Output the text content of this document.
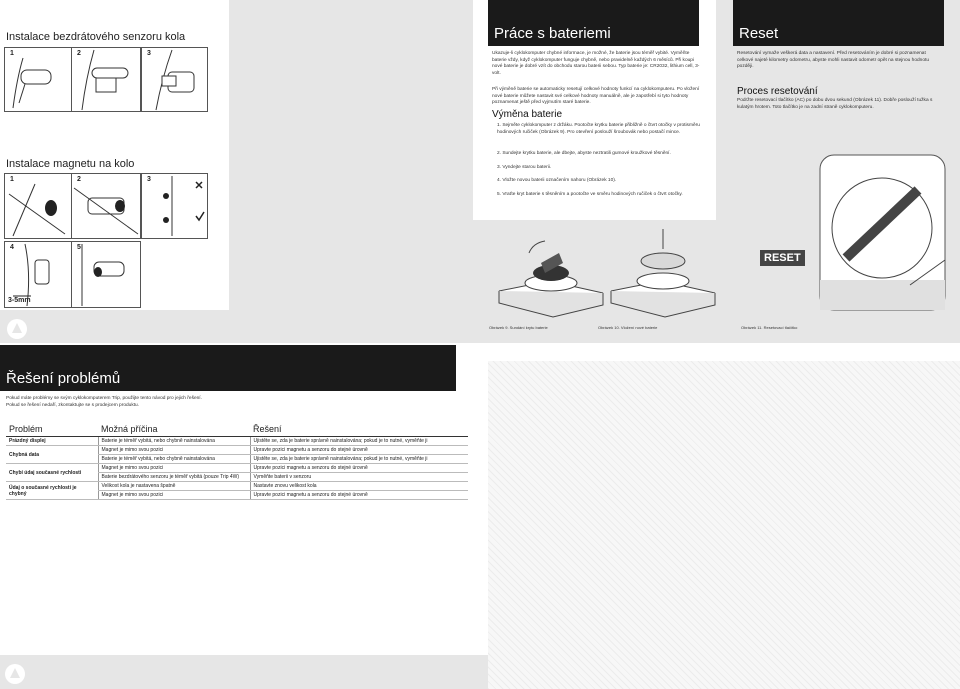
Instalace bezdrátového senzoru kola
1	2	3
Instalace magnetu na kolo
1	2	3
4	5
3-5mm
Práce s bateriemi
Ukazuje-li cyklokomputer chybné informace, je možné, že baterie jsou téměř vybité. Vyměňte baterie vždy, když cyklokomputer funguje chybně, nebo pravidelně každých 6 měsíců. Při koupi nové baterie je dobré vzít do obchodu starou baterii sebou. Typ baterie je: CR2032, lithium cell, 3-volt.
Při výměně baterie se automaticky resetují celkové hodnoty funkcí na cyklokomputeru. Po vložení nové baterie můžete nastavit své celkové hodnoty manuálně, ale je zapotřebí si tyto hodnoty poznamenat ještě před vyjmutím staré baterie.
Výměna baterie
1. Sejměte cyklokomputer z držáku. Pootočte krytku baterie přibližně o čtvrt otočky v protisměru hodinových ručiček (Obrázek 9). Pro otevření poslouží šroubovák nebo postačí mince.
2. Sundejte krytku baterie, ale dbejte, abyste neztratili gumové kroužkové těsnění.
3. Vyndejte starou baterii.
4. Vložte novou baterii označením nahoru (Obrázek 10).
5. Vraťte kryt baterie s těsněním a pootočte ve směru hodinových ručiček o čtvrt otočky.
Reset
Resetování vymaže veškerá data a nastavení. Před resetováním je dobré si poznamenat celkové najeté kilometry odometru, abyste mohli nastavit odometr opět na stejnou hodnotu později.
Proces resetování
Podržte resetovací tlačítko (AC) po dobu dvou sekund (Obrázek 11). Dobře poslouží tužka s kulatým hrotem. Toto tlačítko je na zadní straně cyklokomputeru.
RESET
Obrázek 9. Sundání krytu baterie	Obrázek 10. Vložení nové baterie	Obrázek 11. Resetovací tlačítko
Řešení problémů
Pokud máte problémy se svým cyklokomputerem Trip, použijte tento návod pro jejich řešení. Pokud se řešení nedaří, zkontaktujte se s prodejcem produktu.
Problém	Možná příčina	Řešení
Prázdný displej	Baterie je téměř vybitá, nebo chybně nainstalována	Ujistěte se, zda je baterie správně nainstalována; pokud je to nutné, vyměňte ji
Chybná data	Magnet je mimo svou pozici	Upravte pozici magnetu a senzoru do stejné úrovně
	Baterie je téměř vybitá, nebo chybně nainstalována	Ujistěte se, zda je baterie správně nainstalována; pokud je to nutné, vyměňte ji
Chybí údaj současné rychlosti	Magnet je mimo svou pozici	Upravte pozici magnetu a senzoru do stejné úrovně
	Baterie bezdrátového senzoru je téměř vybitá (pouze Trip 4W)	Vyměňte baterii v senzoru
Údaj o současné rychlosti je chybný	Velikost kola je nastavena špatně	Nastavte znovu velikost kola
	Magnet je mimo svou pozici	Upravte pozici magnetu a senzoru do stejné úrovně
